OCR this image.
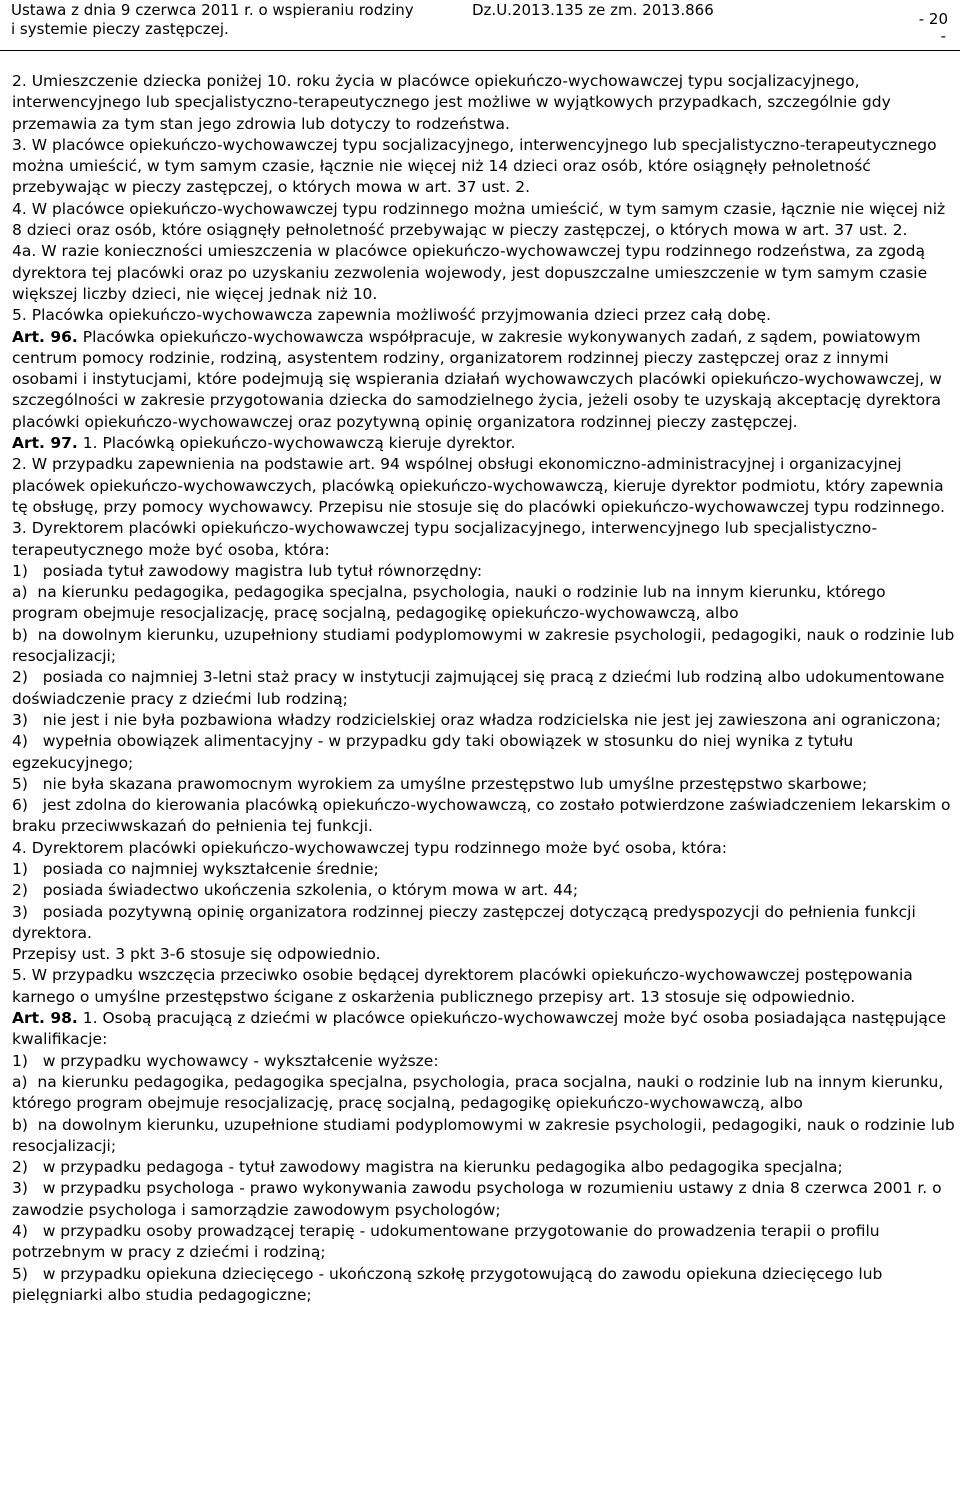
Ustawa z dnia 9 czerwca 2011 r. o wspieraniu rodziny
i systemie pieczy zastępczej.
Dz.U.2013.135 ze zm. 2013.866	- 20
-

2. Umieszczenie dziecka poniżej 10. roku życia w placówce opiekuńczo-wychowawczej typu socjalizacyjnego, interwencyjnego lub specjalistyczno-terapeutycznego jest możliwe w wyjątkowych przypadkach, szczególnie gdy przemawia za tym stan jego zdrowia lub dotyczy to rodzeństwa.

3. W placówce opiekuńczo-wychowawczej typu socjalizacyjnego, interwencyjnego lub specjalistyczno-terapeutycznego można umieścić, w tym samym czasie, łącznie nie więcej niż 14 dzieci oraz osób, które osiągnęły pełnoletność przebywając w pieczy zastępczej, o których mowa w art. 37 ust. 2.

4. W placówce opiekuńczo-wychowawczej typu rodzinnego można umieścić, w tym samym czasie, łącznie nie więcej niż 8 dzieci oraz osób, które osiągnęły pełnoletność przebywając w pieczy zastępczej, o których mowa w art. 37 ust. 2.

4a. W razie konieczności umieszczenia w placówce opiekuńczo-wychowawczej typu rodzinnego rodzeństwa, za zgodą dyrektora tej placówki oraz po uzyskaniu zezwolenia wojewody, jest dopuszczalne umieszczenie w tym samym czasie większej liczby dzieci, nie więcej jednak niż 10.

5. Placówka opiekuńczo-wychowawcza zapewnia możliwość przyjmowania dzieci przez całą dobę.

Art. 96. Placówka opiekuńczo-wychowawcza współpracuje, w zakresie wykonywanych zadań, z sądem, powiatowym centrum pomocy rodzinie, rodziną, asystentem rodziny, organizatorem rodzinnej pieczy zastępczej oraz z innymi osobami i instytucjami, które podejmują się wspierania działań wychowawczych placówki opiekuńczo-wychowawczej, w szczególności w zakresie przygotowania dziecka do samodzielnego życia, jeżeli osoby te uzyskają akceptację dyrektora placówki opiekuńczo-wychowawczej oraz pozytywną opinię organizatora rodzinnej pieczy zastępczej.

Art. 97. 1. Placówką opiekuńczo-wychowawczą kieruje dyrektor.

2. W przypadku zapewnienia na podstawie art. 94 wspólnej obsługi ekonomiczno-administracyjnej i organizacyjnej placówek opiekuńczo-wychowawczych, placówką opiekuńczo-wychowawczą, kieruje dyrektor podmiotu, który zapewnia tę obsługę, przy pomocy wychowawcy. Przepisu nie stosuje się do placówki opiekuńczo-wychowawczej typu rodzinnego.

3. Dyrektorem placówki opiekuńczo-wychowawczej typu socjalizacyjnego, interwencyjnego lub specjalistyczno-terapeutycznego może być osoba, która:

1)   posiada tytuł zawodowy magistra lub tytuł równorzędny:

a)  na kierunku pedagogika, pedagogika specjalna, psychologia, nauki o rodzinie lub na innym kierunku, którego program obejmuje resocjalizację, pracę socjalną, pedagogikę opiekuńczo-wychowawczą, albo

b)  na dowolnym kierunku, uzupełniony studiami podyplomowymi w zakresie psychologii, pedagogiki, nauk o rodzinie lub resocjalizacji;

2)   posiada co najmniej 3-letni staż pracy w instytucji zajmującej się pracą z dziećmi lub rodziną albo udokumentowane doświadczenie pracy z dziećmi lub rodziną;

3)   nie jest i nie była pozbawiona władzy rodzicielskiej oraz władza rodzicielska nie jest jej zawieszona ani ograniczona;

4)   wypełnia obowiązek alimentacyjny - w przypadku gdy taki obowiązek w stosunku do niej wynika z tytułu egzekucyjnego;

5)   nie była skazana prawomocnym wyrokiem za umyślne przestępstwo lub umyślne przestępstwo skarbowe;

6)   jest zdolna do kierowania placówką opiekuńczo-wychowawczą, co zostało potwierdzone zaświadczeniem lekarskim o braku przeciwwskazań do pełnienia tej funkcji.

4. Dyrektorem placówki opiekuńczo-wychowawczej typu rodzinnego może być osoba, która:

1)   posiada co najmniej wykształcenie średnie;

2)   posiada świadectwo ukończenia szkolenia, o którym mowa w art. 44;

3)   posiada pozytywną opinię organizatora rodzinnej pieczy zastępczej dotyczącą predyspozycji do pełnienia funkcji dyrektora.

Przepisy ust. 3 pkt 3-6 stosuje się odpowiednio.

5. W przypadku wszczęcia przeciwko osobie będącej dyrektorem placówki opiekuńczo-wychowawczej postępowania karnego o umyślne przestępstwo ścigane z oskarżenia publicznego przepisy art. 13 stosuje się odpowiednio.

Art. 98. 1. Osobą pracującą z dziećmi w placówce opiekuńczo-wychowawczej może być osoba posiadająca następujące kwalifikacje:

1)   w przypadku wychowawcy - wykształcenie wyższe:

a)  na kierunku pedagogika, pedagogika specjalna, psychologia, praca socjalna, nauki o rodzinie lub na innym kierunku, którego program obejmuje resocjalizację, pracę socjalną, pedagogikę opiekuńczo-wychowawczą, albo

b)  na dowolnym kierunku, uzupełnione studiami podyplomowymi w zakresie psychologii, pedagogiki, nauk o rodzinie lub resocjalizacji;

2)   w przypadku pedagoga - tytuł zawodowy magistra na kierunku pedagogika albo pedagogika specjalna;

3)   w przypadku psychologa - prawo wykonywania zawodu psychologa w rozumieniu ustawy z dnia 8 czerwca 2001 r. o zawodzie psychologa i samorządzie zawodowym psychologów;

4)   w przypadku osoby prowadzącej terapię - udokumentowane przygotowanie do prowadzenia terapii o profilu potrzebnym w pracy z dziećmi i rodziną;

5)   w przypadku opiekuna dziecięcego - ukończoną szkołę przygotowującą do zawodu opiekuna dziecięcego lub pielęgniarki albo studia pedagogiczne;
